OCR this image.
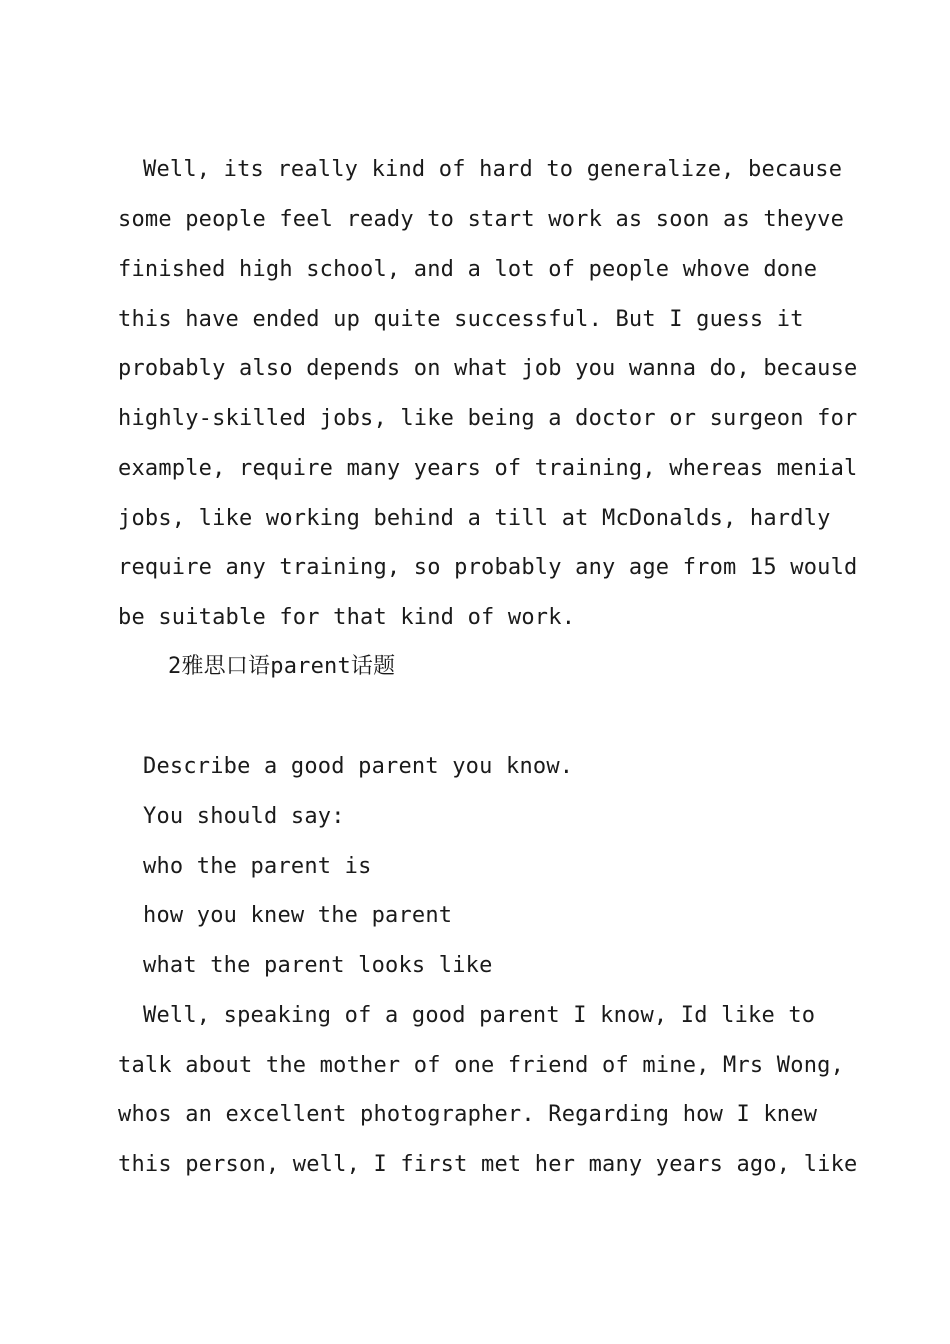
Well, its really kind of hard to generalize, because
some people feel ready to start work as soon as theyve
finished high school, and a lot of people whove done
this have ended up quite successful. But I guess it
probably also depends on what job you wanna do, because
highly-skilled jobs, like being a doctor or surgeon for
example, require many years of training, whereas menial
jobs, like working behind a till at McDonalds, hardly
require any training, so probably any age from 15 would
be suitable for that kind of work.
2雅思口语parent话题
Describe a good parent you know.
You should say:
who the parent is
how you knew the parent
what the parent looks like
Well, speaking of a good parent I know, Id like to
talk about the mother of one friend of mine, Mrs Wong,
whos an excellent photographer. Regarding how I knew
this person, well, I first met her many years ago, like
